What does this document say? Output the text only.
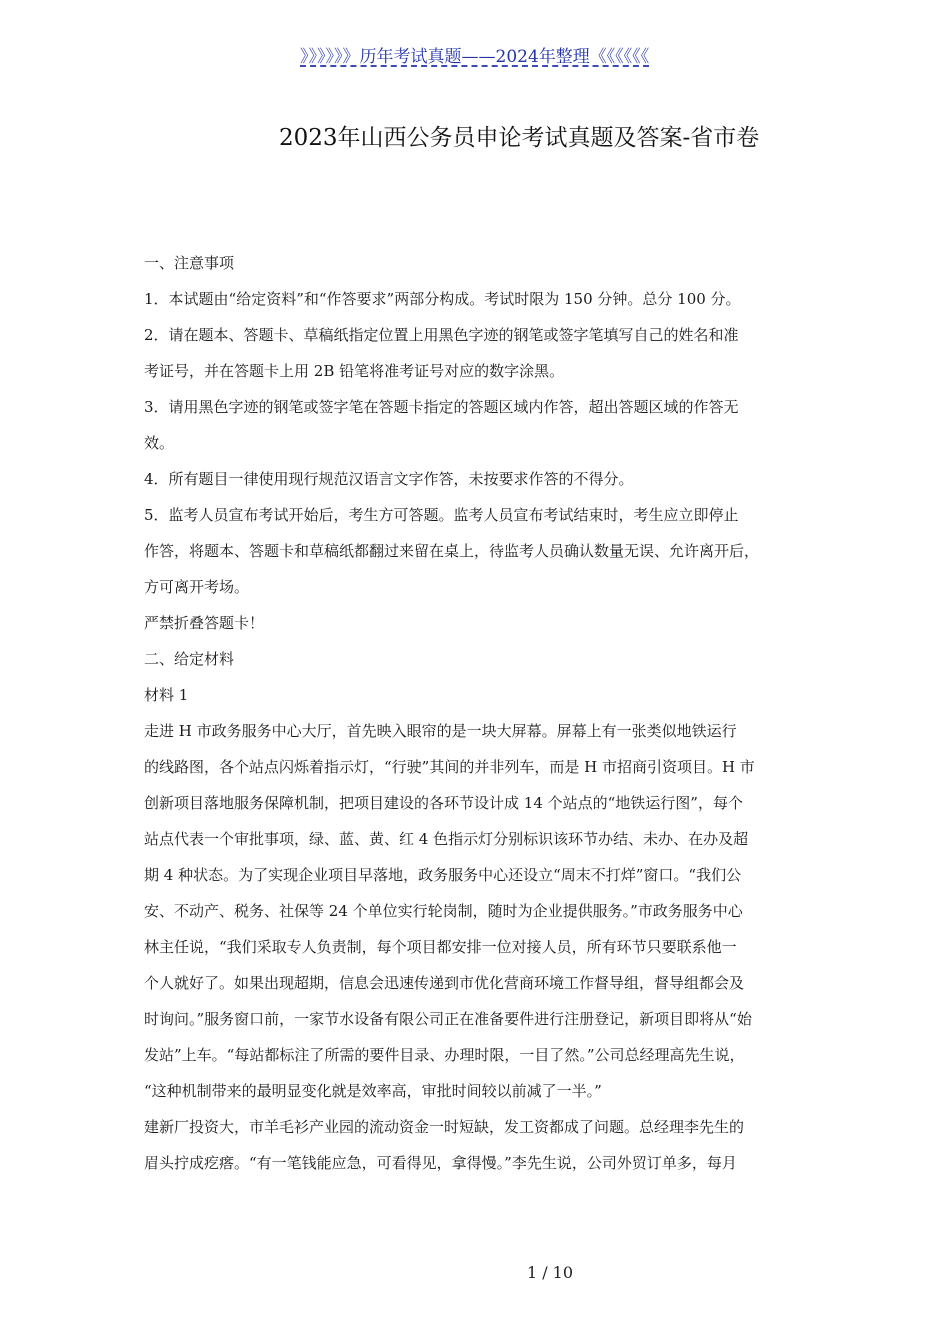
》》》》》》历年考试真题——2024年整理《《《《《《
2023年山西公务员申论考试真题及答案-省市卷
一、注意事项
1．本试题由“给定资料”和“作答要求”两部分构成。考试时限为 150 分钟。总分 100 分。
2．请在题本、答题卡、草稿纸指定位置上用黑色字迹的钢笔或签字笔填写自己的姓名和准
考证号，并在答题卡上用 2B 铅笔将准考证号对应的数字涂黑。
3．请用黑色字迹的钢笔或签字笔在答题卡指定的答题区域内作答，超出答题区域的作答无
效。
4．所有题目一律使用现行规范汉语言文字作答，未按要求作答的不得分。
5．监考人员宣布考试开始后，考生方可答题。监考人员宣布考试结束时，考生应立即停止
作答，将题本、答题卡和草稿纸都翻过来留在桌上，待监考人员确认数量无误、允许离开后，
方可离开考场。
严禁折叠答题卡！
二、给定材料
材料 1
走进 H 市政务服务中心大厅，首先映入眼帘的是一块大屏幕。屏幕上有一张类似地铁运行
的线路图，各个站点闪烁着指示灯，“行驶”其间的并非列车，而是 H 市招商引资项目。H 市
创新项目落地服务保障机制，把项目建设的各环节设计成 14 个站点的“地铁运行图”，每个
站点代表一个审批事项，绿、蓝、黄、红 4 色指示灯分别标识该环节办结、未办、在办及超
期 4 种状态。为了实现企业项目早落地，政务服务中心还设立“周末不打烊”窗口。“我们公
安、不动产、税务、社保等 24 个单位实行轮岗制，随时为企业提供服务。”市政务服务中心
林主任说，“我们采取专人负责制，每个项目都安排一位对接人员，所有环节只要联系他一
个人就好了。如果出现超期，信息会迅速传递到市优化营商环境工作督导组，督导组都会及
时询问。”服务窗口前，一家节水设备有限公司正在准备要件进行注册登记，新项目即将从“始
发站”上车。“每站都标注了所需的要件目录、办理时限，一目了然。”公司总经理高先生说，
“这种机制带来的最明显变化就是效率高，审批时间较以前减了一半。”
建新厂投资大，市羊毛衫产业园的流动资金一时短缺，发工资都成了问题。总经理李先生的
眉头拧成疙瘩。“有一笔钱能应急，可看得见，拿得慢。”李先生说，公司外贸订单多，每月
1 / 10
